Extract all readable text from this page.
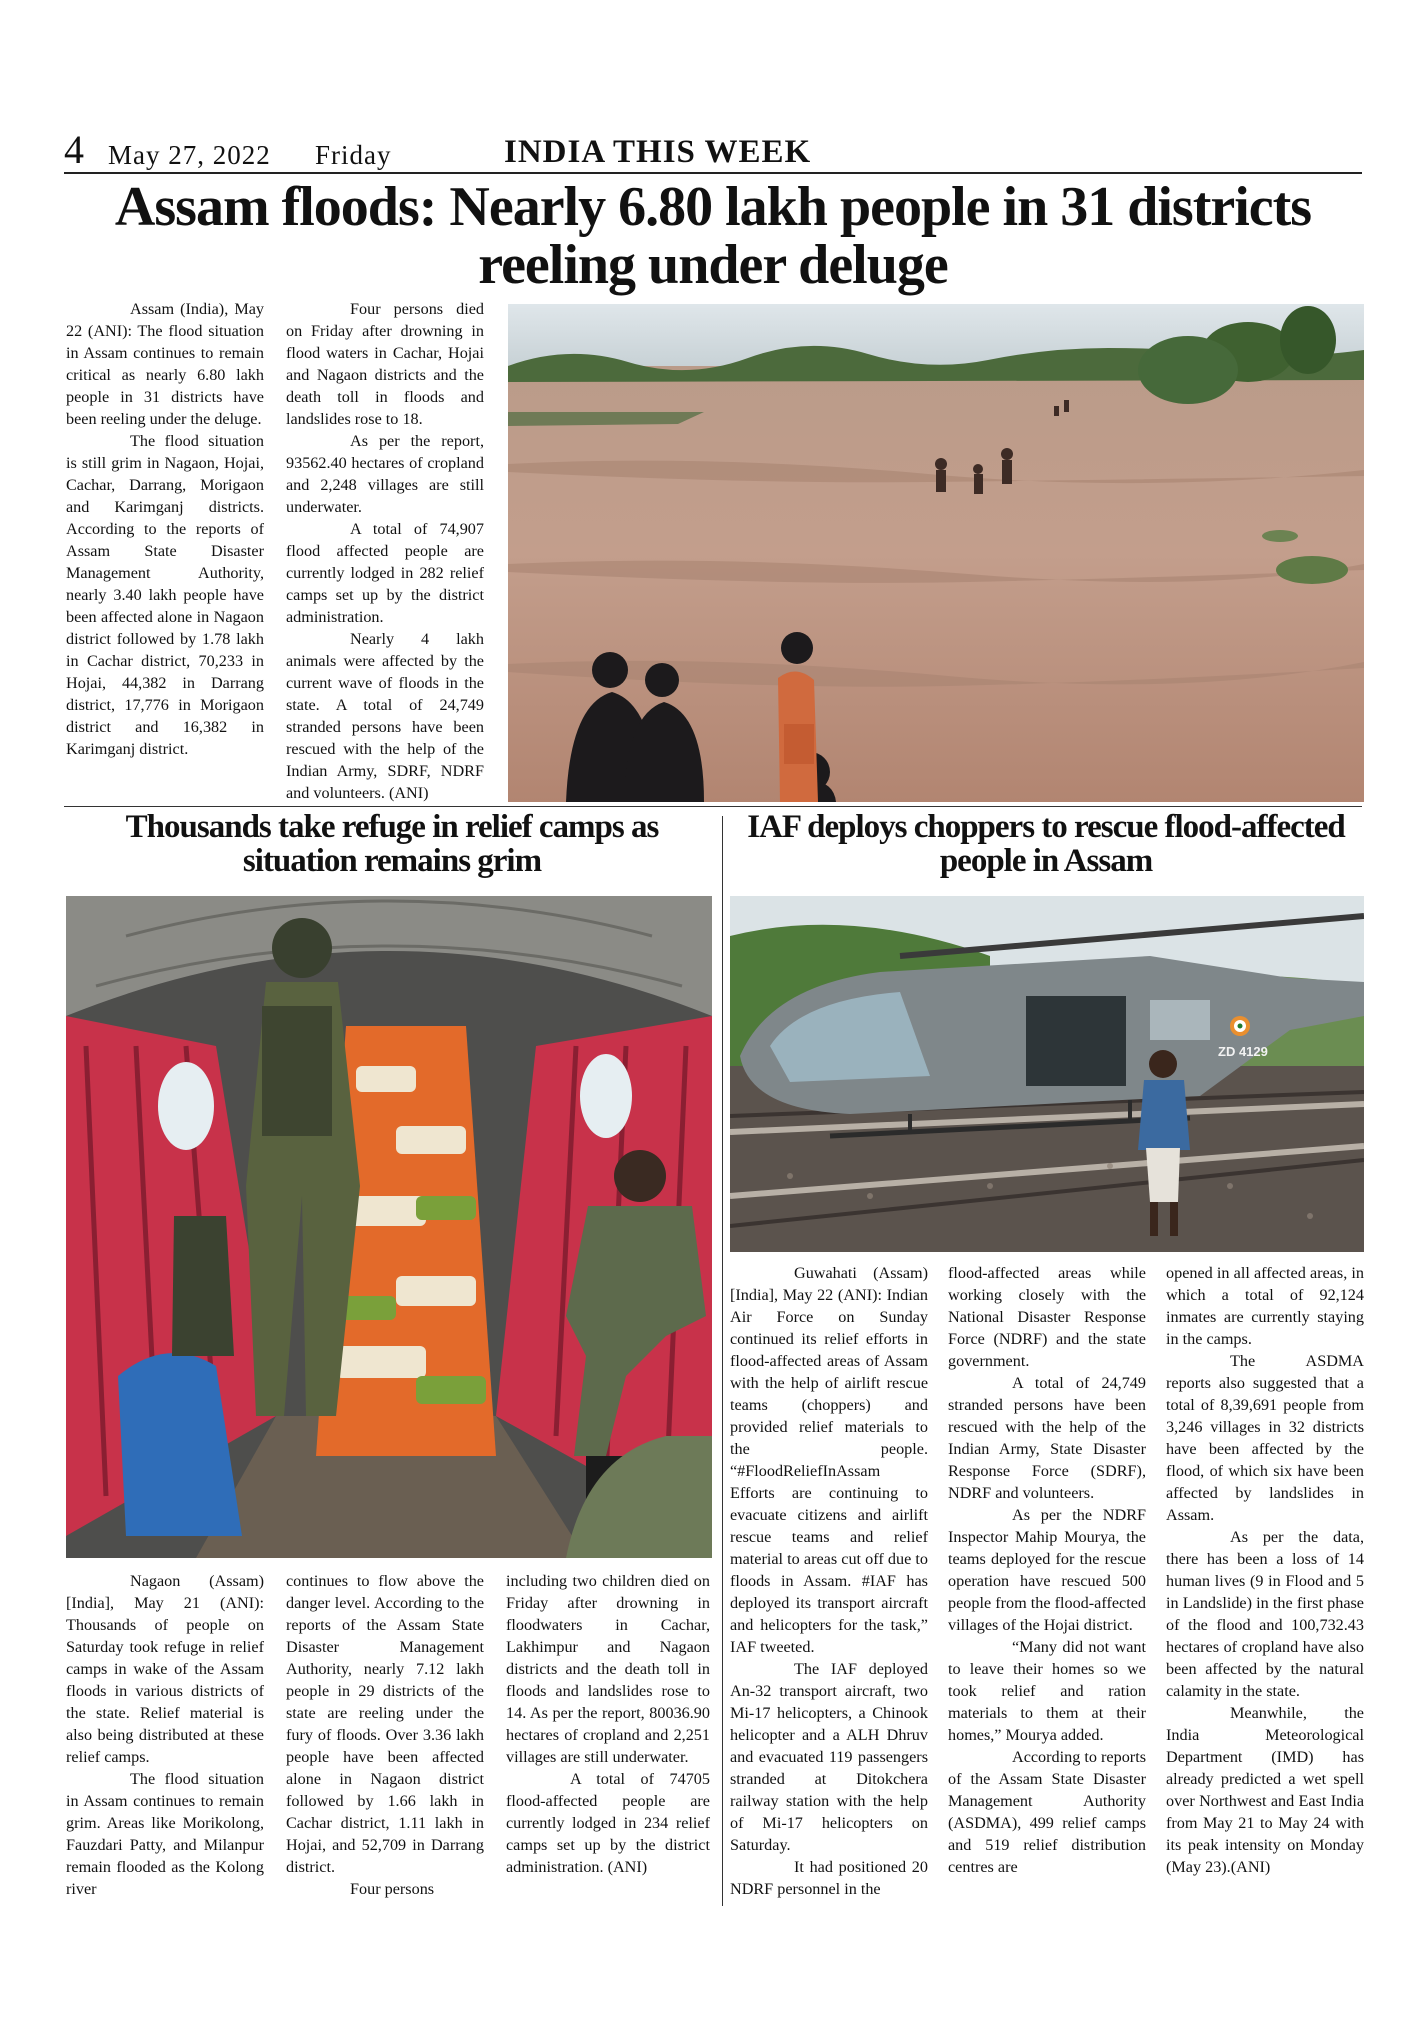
4 May 27, 2022 Friday	INDIA THIS WEEK
Assam floods: Nearly 6.80 lakh people in 31 districts reeling under deluge

Assam (India), May 22 (ANI): The flood situation in Assam continues to remain critical as nearly 6.80 lakh people in 31 districts have been reeling under the deluge.

The flood situation is still grim in Nagaon, Hojai, Cachar, Darrang, Morigaon and Karimganj districts. According to the reports of Assam State Disaster Management Authority, nearly 3.40 lakh people have been affected alone in Nagaon district followed by 1.78 lakh in Cachar district, 70,233 in Hojai, 44,382 in Darrang district, 17,776 in Morigaon district and 16,382 in Karimganj district.

Four persons died on Friday after drowning in flood waters in Cachar, Hojai and Nagaon districts and the death toll in floods and landslides rose to 18.

As per the report, 93562.40 hectares of cropland and 2,248 villages are still underwater.

A total of 74,907 flood affected people are currently lodged in 282 relief camps set up by the district administration.

Nearly 4 lakh animals were affected by the current wave of floods in the state. A total of 24,749 stranded persons have been rescued with the help of the Indian Army, SDRF, NDRF and volunteers. (ANI)

Thousands take refuge in relief camps as situation remains grim

Nagaon (Assam) [India], May 21 (ANI): Thousands of people on Saturday took refuge in relief camps in wake of the Assam floods in various districts of the state. Relief material is also being distributed at these relief camps.

The flood situation in Assam continues to remain grim. Areas like Morikolong, Fauzdari Patty, and Milanpur remain flooded as the Kolong river

continues to flow above the danger level. According to the reports of the Assam State Disaster Management Authority, nearly 7.12 lakh people in 29 districts of the state are reeling under the fury of floods. Over 3.36 lakh people have been affected alone in Nagaon district followed by 1.66 lakh in Cachar district, 1.11 lakh in Hojai, and 52,709 in Darrang district.

Four persons

including two children died on Friday after drowning in floodwaters in Cachar, Lakhimpur and Nagaon districts and the death toll in floods and landslides rose to 14. As per the report, 80036.90 hectares of cropland and 2,251 villages are still underwater.

A total of 74705 flood-affected people are currently lodged in 234 relief camps set up by the district administration. (ANI)

IAF deploys choppers to rescue flood-affected people in Assam
ZD 4129

Guwahati (Assam) [India], May 22 (ANI): Indian Air Force on Sunday continued its relief efforts in flood-affected areas of Assam with the help of airlift rescue teams (choppers) and provided relief materials to the people. “#FloodReliefInAssam Efforts are continuing to evacuate citizens and airlift rescue teams and relief material to areas cut off due to floods in Assam. #IAF has deployed its transport aircraft and helicopters for the task,” IAF tweeted.

The IAF deployed An-32 transport aircraft, two Mi-17 helicopters, a Chinook helicopter and a ALH Dhruv and evacuated 119 passengers stranded at Ditokchera railway station with the help of Mi-17 helicopters on Saturday.

It had positioned 20 NDRF personnel in the

flood-affected areas while working closely with the National Disaster Response Force (NDRF) and the state government.

A total of 24,749 stranded persons have been rescued with the help of the Indian Army, State Disaster Response Force (SDRF), NDRF and volunteers.

As per the NDRF Inspector Mahip Mourya, the teams deployed for the rescue operation have rescued 500 people from the flood-affected villages of the Hojai district.

“Many did not want to leave their homes so we took relief and ration materials to them at their homes,” Mourya added.

According to reports of the Assam State Disaster Management Authority (ASDMA), 499 relief camps and 519 relief distribution centres are

opened in all affected areas, in which a total of 92,124 inmates are currently staying in the camps.

The ASDMA reports also suggested that a total of 8,39,691 people from 3,246 villages in 32 districts have been affected by the flood, of which six have been affected by landslides in Assam.

As per the data, there has been a loss of 14 human lives (9 in Flood and 5 in Landslide) in the first phase of the flood and 100,732.43 hectares of cropland have also been affected by the natural calamity in the state.

Meanwhile, the India Meteorological Department (IMD) has already predicted a wet spell over Northwest and East India from May 21 to May 24 with its peak intensity on Monday (May 23).(ANI)
